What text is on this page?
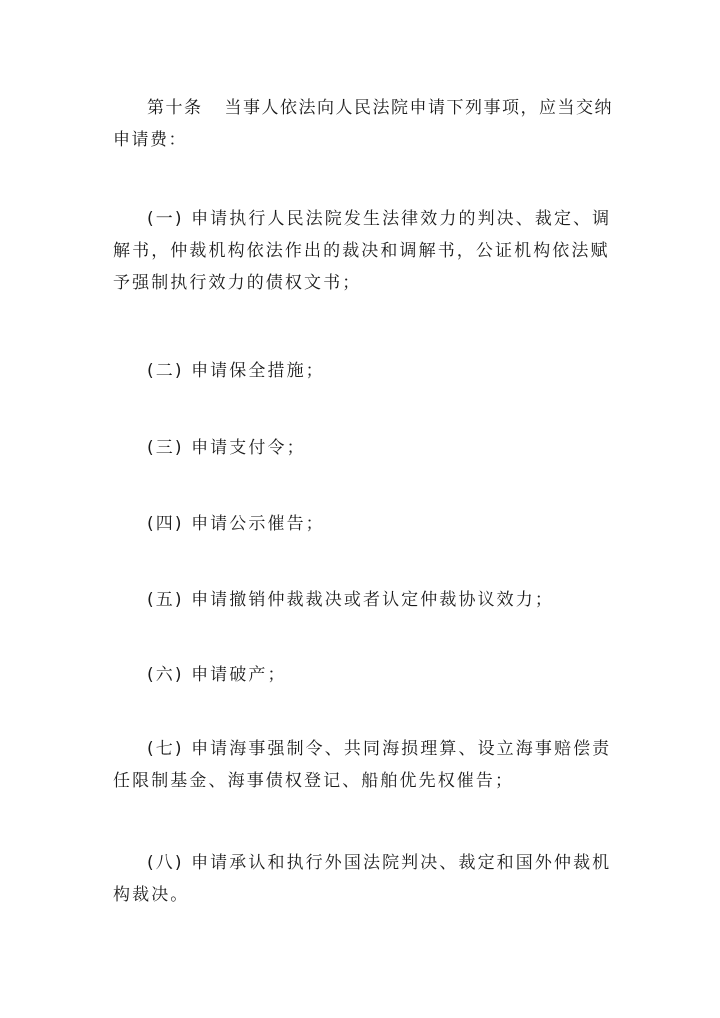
第十条 当事人依法向人民法院申请下列事项，应当交纳申请费：
(一) 申请执行人民法院发生法律效力的判决、裁定、调解书，仲裁机构依法作出的裁决和调解书，公证机构依法赋予强制执行效力的债权文书；
(二) 申请保全措施；
(三) 申请支付令；
(四) 申请公示催告；
(五) 申请撤销仲裁裁决或者认定仲裁协议效力；
(六) 申请破产；
(七) 申请海事强制令、共同海损理算、设立海事赔偿责任限制基金、海事债权登记、船舶优先权催告；
(八) 申请承认和执行外国法院判决、裁定和国外仲裁机构裁决。
